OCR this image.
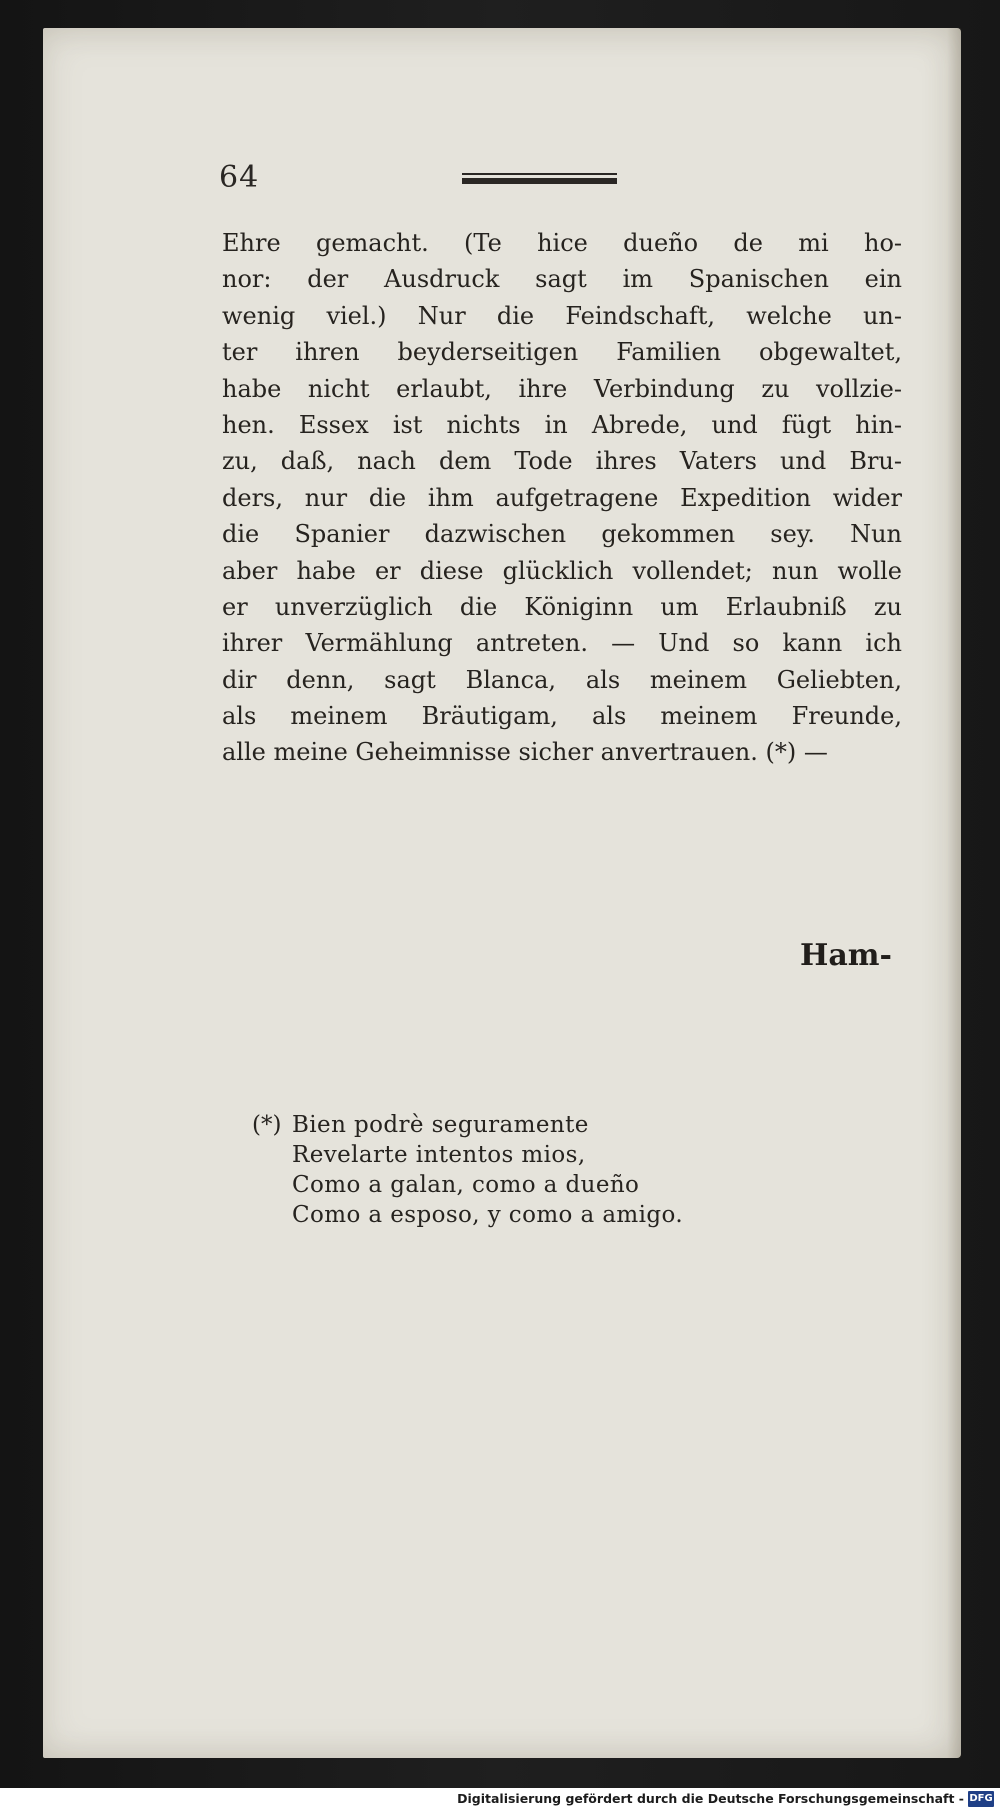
64
Ehre gemacht. (Te hice dueño de mi ho-
nor: der Ausdruck sagt im Spanischen ein
wenig viel.) Nur die Feindschaft, welche un-
ter ihren beyderseitigen Familien obgewaltet,
habe nicht erlaubt, ihre Verbindung zu vollzie-
hen. Essex ist nichts in Abrede, und fügt hin-
zu, daß, nach dem Tode ihres Vaters und Bru-
ders, nur die ihm aufgetragene Expedition wider
die Spanier dazwischen gekommen sey. Nun
aber habe er diese glücklich vollendet; nun wolle
er unverzüglich die Königinn um Erlaubniß zu
ihrer Vermählung antreten. — Und so kann ich
dir denn, sagt Blanca, als meinem Geliebten,
als meinem Bräutigam, als meinem Freunde,
alle meine Geheimnisse sicher anvertrauen. (*) —
Ham-
(*) Bien podrè seguramente
Revelarte intentos mios,
Como a galan, como a dueño
Como a esposo, y como a amigo.
Digitalisierung gefördert durch die Deutsche Forschungsgemeinschaft - DFG
